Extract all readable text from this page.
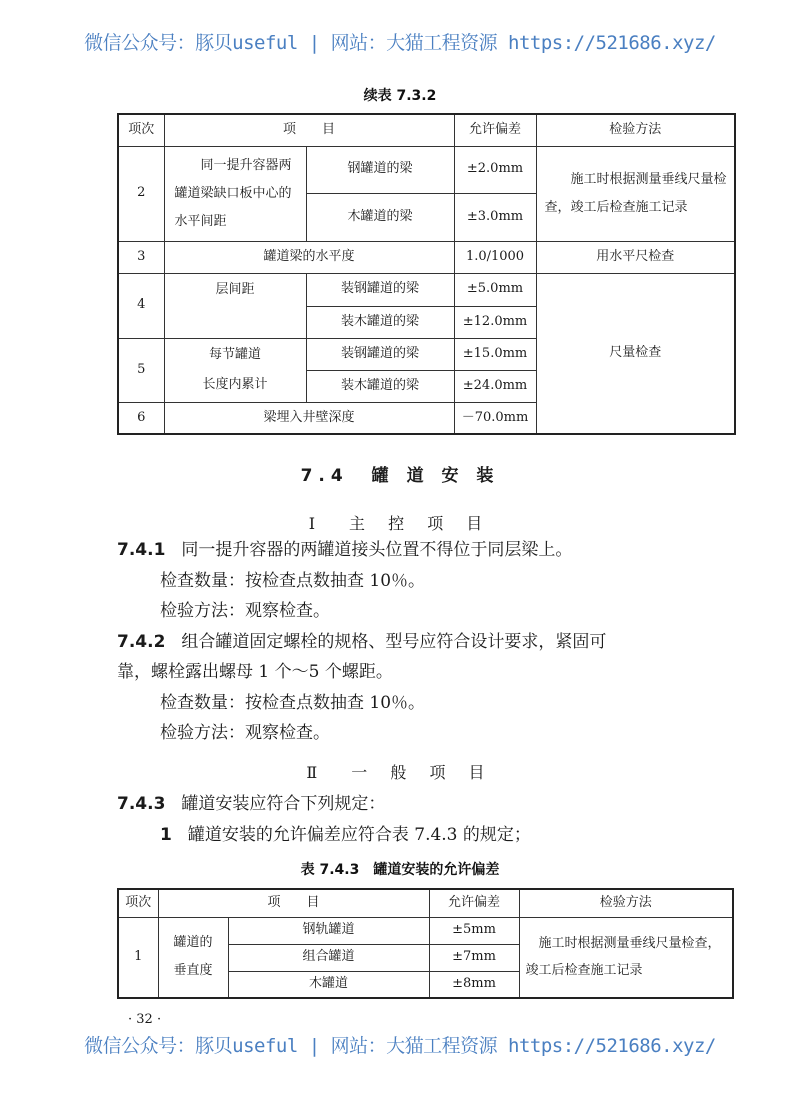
微信公众号：豚贝useful | 网站：大猫工程资源 https://521686.xyz/
续表 7.3.2
项次	项　　目		允许偏差	检验方法
2	同一提升容器两罐道梁缺口板中心的水平间距	钢罐道的梁	±2.0mm	施工时根据测量垂线尺量检查，竣工后检查施工记录
		木罐道的梁	±3.0mm	
3	罐道梁的水平度		1.0/1000	用水平尺检查
4	层间距	装钢罐道的梁	±5.0mm	尺量检查
		装木罐道的梁	±12.0mm	
5	每节罐道
长度内累计	装钢罐道的梁	±15.0mm	
		装木罐道的梁	±24.0mm	
6	梁埋入井壁深度		－70.0mm	
7.4　罐 道 安 装
Ⅰ　主 控 项 目
7.4.1 同一提升容器的两罐道接头位置不得位于同层梁上。
检查数量：按检查点数抽查 10％。
检验方法：观察检查。
7.4.2 组合罐道固定螺栓的规格、型号应符合设计要求，紧固可
靠，螺栓露出螺母 1 个～5 个螺距。
检查数量：按检查点数抽查 10％。
检验方法：观察检查。
Ⅱ　一 般 项 目
7.4.3 罐道安装应符合下列规定：
1 罐道安装的允许偏差应符合表 7.4.3 的规定；
表 7.4.3　罐道安装的允许偏差
项次	项　　目		允许偏差	检验方法
1	罐道的
垂直度	钢轨罐道	±5mm	施工时根据测量垂线尺量检查，竣工后检查施工记录
		组合罐道	±7mm	
		木罐道	±8mm	
· 32 ·
微信公众号：豚贝useful | 网站：大猫工程资源 https://521686.xyz/
